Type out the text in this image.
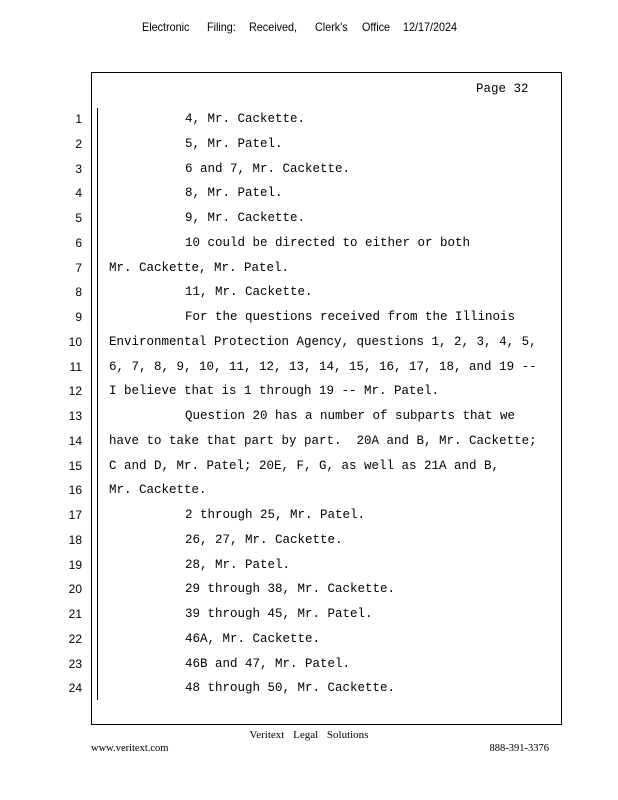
Electronic Filing: Received, Clerk's Office 12/17/2024
Page 32
1	4, Mr. Cackette.
2	5, Mr. Patel.
3	6 and 7, Mr. Cackette.
4	8, Mr. Patel.
5	9, Mr. Cackette.
6	10 could be directed to either or both
7 Mr. Cackette, Mr. Patel.
8	11, Mr. Cackette.
9	For the questions received from the Illinois
10 Environmental Protection Agency, questions 1, 2, 3, 4, 5,
11 6, 7, 8, 9, 10, 11, 12, 13, 14, 15, 16, 17, 18, and 19 --
12 I believe that is 1 through 19 -- Mr. Patel.
13	Question 20 has a number of subparts that we
14 have to take that part by part.  20A and B, Mr. Cackette;
15 C and D, Mr. Patel; 20E, F, G, as well as 21A and B,
16 Mr. Cackette.
17	2 through 25, Mr. Patel.
18	26, 27, Mr. Cackette.
19	28, Mr. Patel.
20	29 through 38, Mr. Cackette.
21	39 through 45, Mr. Patel.
22	46A, Mr. Cackette.
23	46B and 47, Mr. Patel.
24	48 through 50, Mr. Cackette.
Veritext Legal Solutions
www.veritext.com	888-391-3376
